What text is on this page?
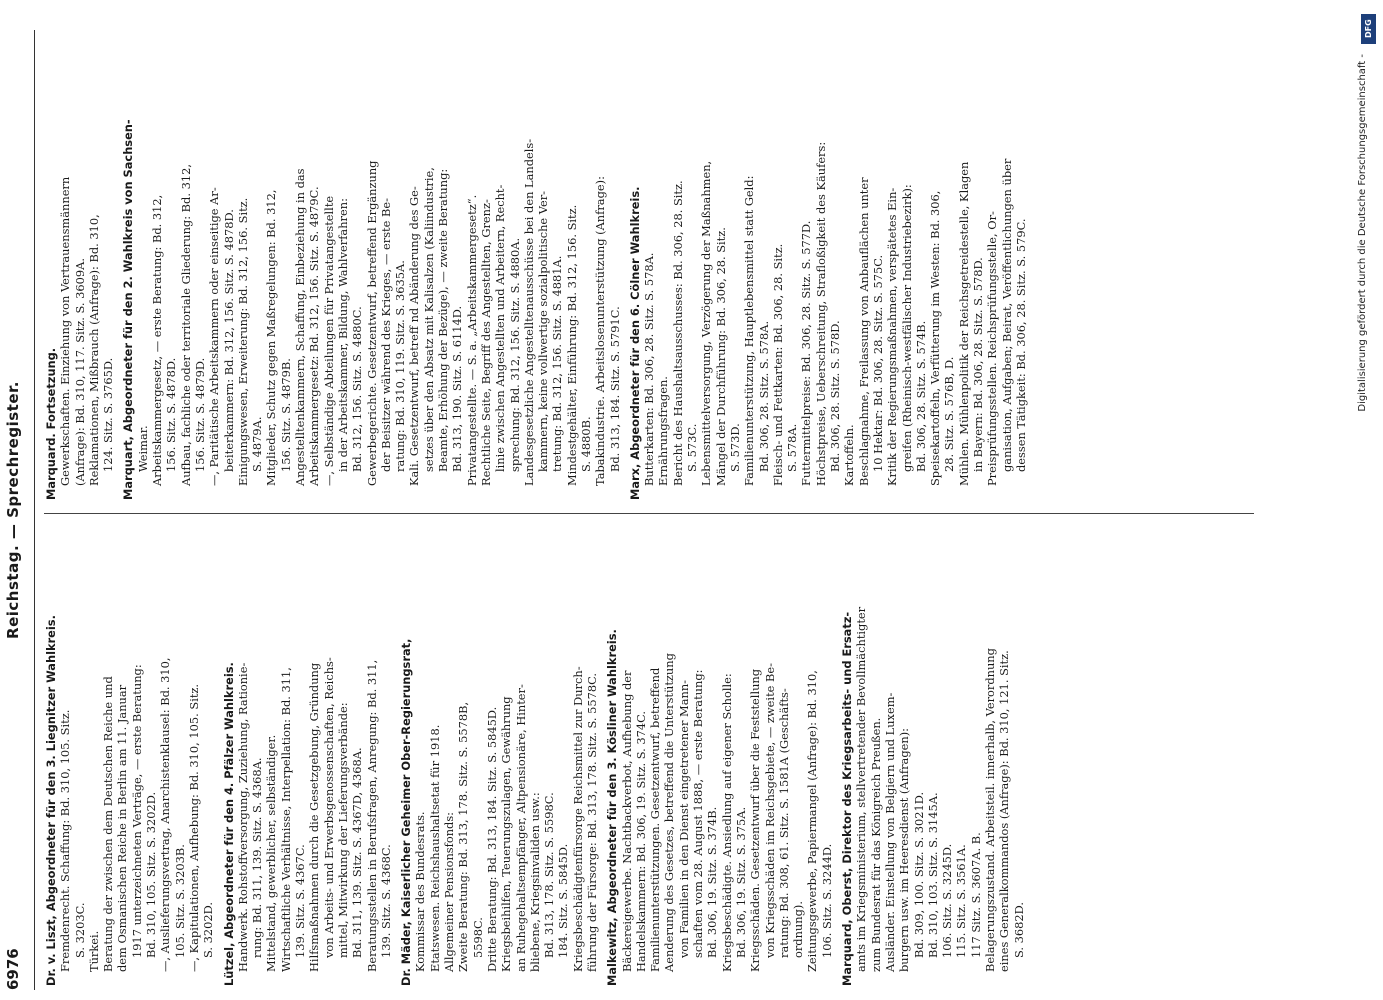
6976
Reichstag. — Sprechregister.
Dr. v. Liszt, Abgeordneter für den 3. Liegnitzer Wahlkreis. Fremdenrecht. Schaffung: Bd. 310, 105. Sitz. S. 3203C. Türkei. Beratung der zwischen dem Deutschen Reiche und dem Osmanischen Reiche in Berlin am 11. Januar 1917 unterzeichneten Verträge, — erste Beratung: Bd. 310, 105. Sitz. S. 3202D. —, Auslieferungsvertrag, Anarchistenklausel: Bd. 310, 105. Sitz. S. 3203B. —, Kapitulationen, Aufhebung: Bd. 310, 105. Sitz. S. 3202D. Lützel, Abgeordneter für den 4. Pfälzer Wahlkreis. Handwerk. Rohstoffversorgung, Zuziehung, Rationie- rung: Bd. 311, 139. Sitz. S. 4368A. Mittelstand, gewerblicher, selbständiger. Wirtschaftliche Verhältnisse, Interpellation: Bd. 311, 139. Sitz. S. 4367C. Hilfsmaßnahmen durch die Gesetzgebung, Gründung von Arbeits- und Erwerbsgenossenschaften, Reichs- mittel, Mitwirkung der Lieferungsverbände: Bd. 311, 139. Sitz. S. 4367D, 4368A. Beratungsstellen in Berufsfragen, Anregung: Bd. 311, 139. Sitz. S. 4368C. Dr. Mäder, Kaiserlicher Geheimer Ober-Regierungsrat, Kommissar des Bundesrats. Etatswesen. Reichshaushaltsetat für 1918. Allgemeiner Pensionsfonds: Zweite Beratung: Bd. 313, 178. Sitz. S. 5578B, 5598C. Dritte Beratung: Bd. 313, 184. Sitz. S. 5845D. Kriegsbeihilfen, Teuerungszulagen, Gewährung an Ruhegehaltsempfänger, Altpensionäre, Hinter- bliebene, Kriegsinvaliden usw.: Bd. 313, 178. Sitz. S. 5598C. 184. Sitz. S. 5845D. Kriegsbeschädigtenfürsorge Reichsmittel zur Durch- führung der Fürsorge: Bd. 313, 178. Sitz. S. 5578C. Malkewitz, Abgeordneter für den 3. Kösliner Wahlkreis. Bäckereigewerbe. Nachtbackverbot, Aufhebung der Handelskammern: Bd. 306, 19. Sitz. S. 374C. Familienunterstützungen. Gesetzentwurf, betreffend Aenderung des Gesetzes, betreffend die Unterstützung von Familien in den Dienst eingetretener Mann- schaften vom 28. August 1888, — erste Beratung: Bd. 306, 19. Sitz. S. 374B. Kriegsbeschädigte. Ansiedlung auf eigener Scholle: Bd. 306, 19. Sitz. S. 375A. Kriegsschäden. Gesetzentwurf über die Feststellung von Kriegsschäden im Reichsgebiete, — zweite Be- ratung: Bd. 308, 61. Sitz. S. 1581A (Geschäfts- ordnung). Zeitungsgewerbe, Papiermangel (Anfrage): Bd. 310, 106. Sitz. S. 3244D. Marquard, Oberst, Direktor des Kriegsarbeits- und Ersatz- amts im Kriegsministerium, stellvertretender Bevollmächtigter zum Bundesrat für das Königreich Preußen. Ausländer. Einstellung von Belgiern und Luxem- burgern usw. im Heeresdienst (Anfragen): Bd. 309, 100. Sitz. S. 3021D. Bd. 310, 103. Sitz. S. 3145A. 106. Sitz. S. 3245D. 115. Sitz. S. 3561A. 117 Sitz. S. 3607A. B. Belagerungszustand. Arbeitsteil. innerhalb, Verordnung eines Generalkommandos (Anfrage): Bd. 310, 121. Sitz. S. 3682D.
Marquard. Fortsetzung. Gewerkschaften. Einziehung von Vertrauensmännern (Anfrage): Bd. 310, 117. Sitz. S. 3609A. Reklamationen, Mißbrauch (Anfrage): Bd. 310, 124. Sitz. S. 3765D. Marquart, Abgeordneter für den 2. Wahlkreis von Sachsen- Weimar. Arbeitskammergesetz, — erste Beratung: Bd. 312, 156. Sitz. S. 4878D. Aufbau, fachliche oder territoriale Gliederung: Bd. 312, 156. Sitz. S. 4879D. —, Paritätische Arbeitskammern oder einseitige Ar- beiterkammern: Bd. 312, 156. Sitz. S. 4878D. Einigungswesen, Erweiterung: Bd. 312, 156. Sitz. S. 4879A. Mitglieder, Schutz gegen Maßregelungen: Bd. 312, 156. Sitz. S. 4879B. Angestelltenkammern, Schaffung, Einbeziehung in das Arbeitskammergesetz: Bd. 312, 156. Sitz. S. 4879C. —, Selbständige Abteilungen für Privatangestellte in der Arbeitskammer, Bildung, Wahlverfahren: Bd. 312, 156. Sitz. S. 4880C. Gewerbegerichte. Gesetzentwurf, betreffend Ergänzung der Beisitzer während des Krieges, — erste Be- ratung: Bd. 310, 119. Sitz. S. 3635A. Kali. Gesetzentwurf, betreff nd Abänderung des Ge- setzes über den Absatz mit Kalisalzen (Kaliindustrie, Beamte, Erhöhung der Bezüge), — zweite Beratung: Bd. 313, 190. Sitz. S. 6114D. Privatangestellte. — S. a. „Arbeitskammergesetz“. Rechtliche Seite, Begriff des Angestellten, Grenz- linie zwischen Angestellten und Arbeitern, Recht- sprechung: Bd. 312, 156. Sitz. S. 4880A. Landesgesetzliche Angestelltenausschüsse bei den Landels- kammern, keine vollwertige sozialpolitische Ver- tretung: Bd. 312, 156. Sitz. S. 4881A. Mindestgehälter, Einführung: Bd. 312, 156. Sitz. S. 4880B. Tabakindustrie. Arbeitslosenunterstützung (Anfrage): Bd. 313, 184. Sitz. S. 5791C. Marx, Abgeordneter für den 6. Cölner Wahlkreis. Butterkarten: Bd. 306, 28. Sitz. S. 578A. Ernährungsfragen. Bericht des Haushaltsausschusses: Bd. 306, 28. Sitz. S. 573C. Lebensmittelversorgung, Verzögerung der Maßnahmen, Mängel der Durchführung: Bd. 306, 28. Sitz. S. 573D. Familienunterstützung, Hauptlebensmittel statt Geld: Bd. 306, 28. Sitz. S. 578A. Fleisch- und Fettkarten: Bd. 306, 28. Sitz. S. 578A. Futtermittelpreise: Bd. 306, 28. Sitz. S. 577D. Höchstpreise, Ueberschreitung, Strafloßigkeit des Käufers: Bd. 306, 28. Sitz. S. 578D. Kartoffeln. Beschlagnahme, Freilassung von Anbauflächen unter 10 Hektar: Bd. 306, 28. Sitz. S. 575C. Kritik der Regierungsmaßnahmen, verspätetes Ein- greifen (Rheinisch-westfälischer Industriebezirk): Bd. 306, 28. Sitz. S. 574B. Speisekartoffeln, Verfütterung im Westen: Bd. 306, 28. Sitz. S. 576B, D. Mühlen. Mühlenpolitik der Reichsgetreidestelle, Klagen in Bayern: Bd. 306, 28. Sitz. S. 578D. Preisprüfungsstellen. Reichsprüfungsstelle, Or- ganisation, Aufgaben; Beirat, Veröffentlichungen über dessen Tätigkeit: Bd. 306, 28. Sitz. S. 579C.
DFG
Digitalisierung gefördert durch die Deutsche Forschungsgemeinschaft -
